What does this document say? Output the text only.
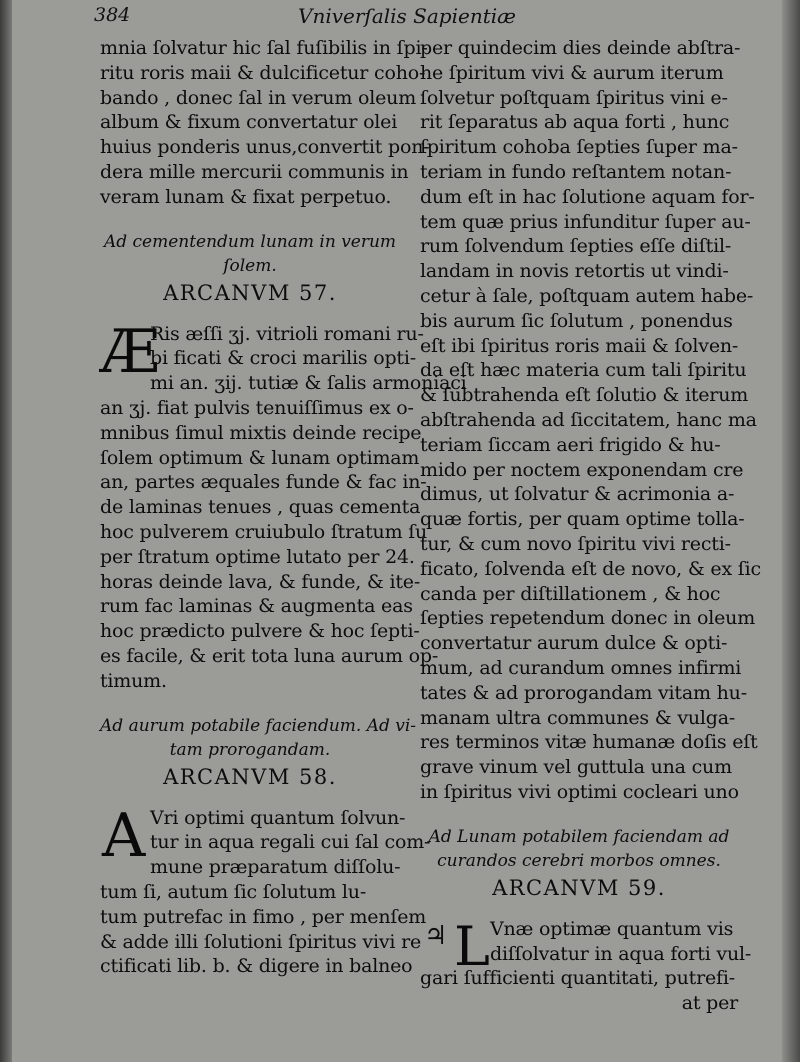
384	Vniverſalis Sapientiæ
mnia ſolvatur hic ſal fuſibilis in ſpi-
ritu roris maii & dulcificetur coho-
bando , donec ſal in verum oleum
album & fixum convertatur olei
huius ponderis unus,convertit pon-
dera mille mercurii communis in
veram lunam & fixat perpetuo.
Ad cementendum lunam in verum
ſolem.
ARCANVM 57.
Æ
Ris æſſi ʒj. vitrioli romani ru-
bi ficati & croci marilis opti-
mi an. ʒij. tutiæ & ſalis armoniaci
an ʒj. fiat pulvis tenuiſſimus ex o-
mnibus ſimul mixtis deinde recipe
ſolem optimum & lunam optimam
an, partes æquales funde & fac in-
de laminas tenues , quas cementa
hoc pulverem cruiubulo ſtratum ſu
per ſtratum optime lutato per 24.
horas deinde lava, & funde, & ite-
rum fac laminas & augmenta eas
hoc prædicto pulvere & hoc ſepti-
es facile, & erit tota luna aurum op-
timum.
Ad aurum potabile faciendum. Ad vi-
tam prorogandam.
ARCANVM 58.
A Vri optimi quantum ſolvun-
tur in aqua regali cui ſal com-
mune præparatum diſſolu-
tum ſi, autum ſic ſolutum lu-
tum putrefac in fimo , per menſem
& adde illi ſolutioni ſpiritus vivi re
ctificati lib. b. & digere in balneo
per quindecim dies deinde abſtra-
he ſpiritum vivi & aurum iterum
ſolvetur poſtquam ſpiritus vini e-
rit ſeparatus ab aqua forti , hunc
ſpiritum cohoba ſepties ſuper ma-
teriam in fundo reſtantem notan-
dum eſt in hac ſolutione aquam for-
tem quæ prius infunditur ſuper au-
rum ſolvendum ſepties eſſe diſtil-
landam in novis retortis ut vindi-
cetur à ſale, poſtquam autem habe-
bis aurum ſic ſolutum , ponendus
eſt ibi ſpiritus roris maii & ſolven-
da eſt hæc materia cum tali ſpiritu
& ſubtrahenda eſt ſolutio & iterum
abſtrahenda ad ſiccitatem, hanc ma
teriam ſiccam aeri frigido & hu-
mido per noctem exponendam cre
dimus, ut ſolvatur & acrimonia a-
quæ fortis, per quam optime tolla-
tur, & cum novo ſpiritu vivi recti-
ficato, ſolvenda eſt de novo, & ex ſic
canda per diſtillationem , & hoc
ſepties repetendum donec in oleum
convertatur aurum dulce & opti-
mum, ad curandum omnes infirmi
tates & ad prorogandam vitam hu-
manam ultra communes & vulga-
res terminos vitæ humanæ doſis eſt
grave vinum vel guttula una cum
in ſpiritus vivi optimi cocleari uno
Ad Lunam potabilem faciendam ad
curandos cerebri morbos omnes.
ARCANVM 59.
♃ L Vnæ optimæ quantum vis
diſſolvatur in aqua forti vul-
gari ſufficienti quantitati, putrefi-
at per
